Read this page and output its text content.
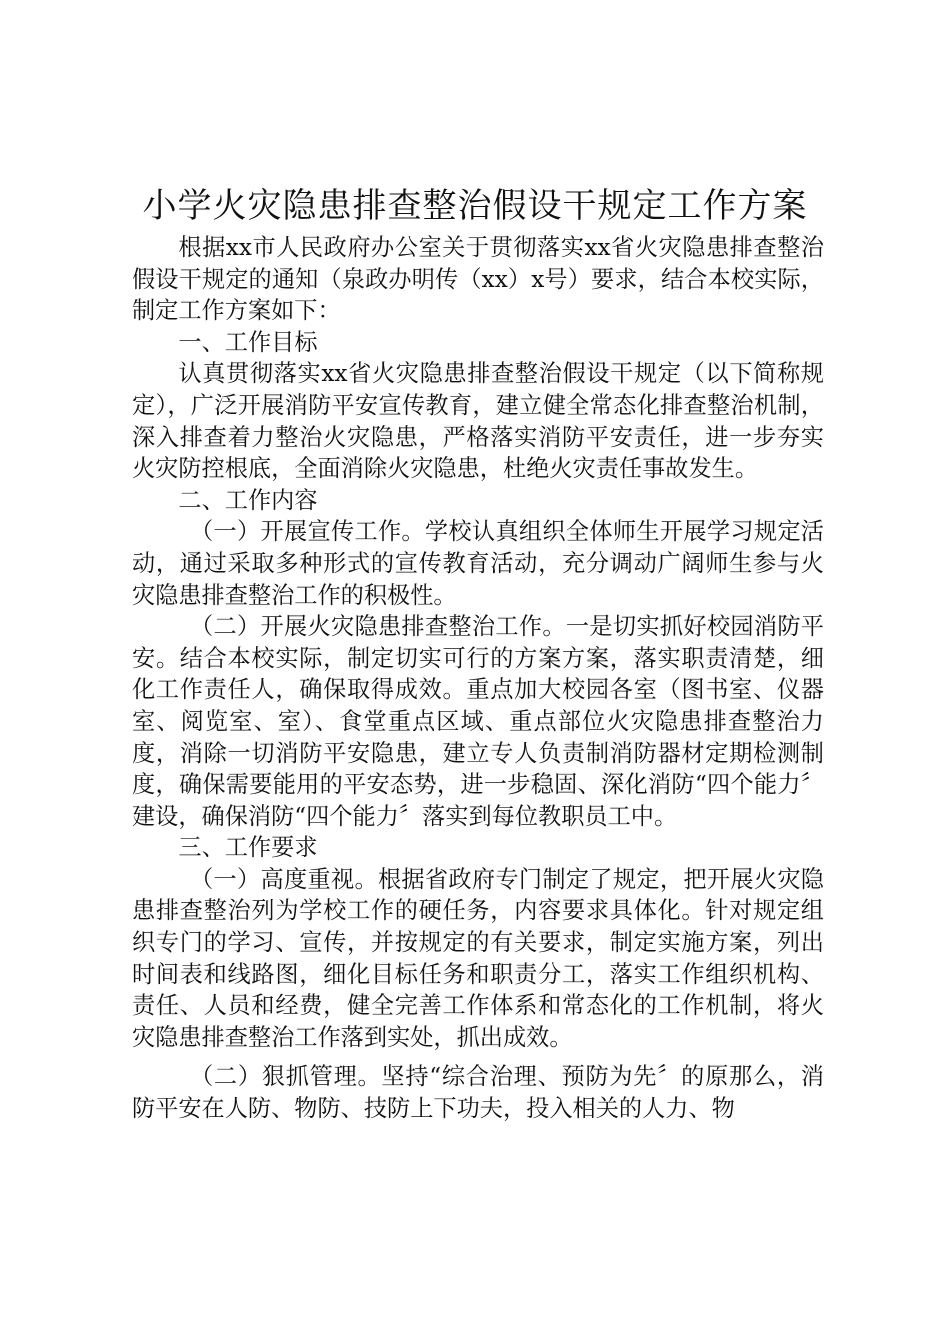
小学火灾隐患排查整治假设干规定工作方案

根据xx市人民政府办公室关于贯彻落实xx省火灾隐患排查整治假设干规定的通知（泉政办明传（xx）x号）要求，结合本校实际，制定工作方案如下：

一、工作目标

认真贯彻落实xx省火灾隐患排查整治假设干规定（以下简称规定），广泛开展消防平安宣传教育，建立健全常态化排查整治机制，深入排查着力整治火灾隐患，严格落实消防平安责任，进一步夯实火灾防控根底，全面消除火灾隐患，杜绝火灾责任事故发生。

二、工作内容

（一）开展宣传工作。学校认真组织全体师生开展学习规定活动，通过采取多种形式的宣传教育活动，充分调动广阔师生参与火灾隐患排查整治工作的积极性。

（二）开展火灾隐患排查整治工作。一是切实抓好校园消防平安。结合本校实际，制定切实可行的方案方案，落实职责清楚，细化工作责任人，确保取得成效。重点加大校园各室（图书室、仪器室、阅览室、室）、食堂重点区域、重点部位火灾隐患排查整治力度，消除一切消防平安隐患，建立专人负责制消防器材定期检测制度，确保需要能用的平安态势，进一步稳固、深化消防“四个能力〞建设，确保消防“四个能力〞落实到每位教职员工中。

三、工作要求

（一）高度重视。根据省政府专门制定了规定，把开展火灾隐患排查整治列为学校工作的硬任务，内容要求具体化。针对规定组织专门的学习、宣传，并按规定的有关要求，制定实施方案，列出时间表和线路图，细化目标任务和职责分工，落实工作组织机构、责任、人员和经费，健全完善工作体系和常态化的工作机制，将火灾隐患排查整治工作落到实处，抓出成效。

（二）狠抓管理。坚持“综合治理、预防为先〞的原那么，消防平安在人防、物防、技防上下功夫，投入相关的人力、物
